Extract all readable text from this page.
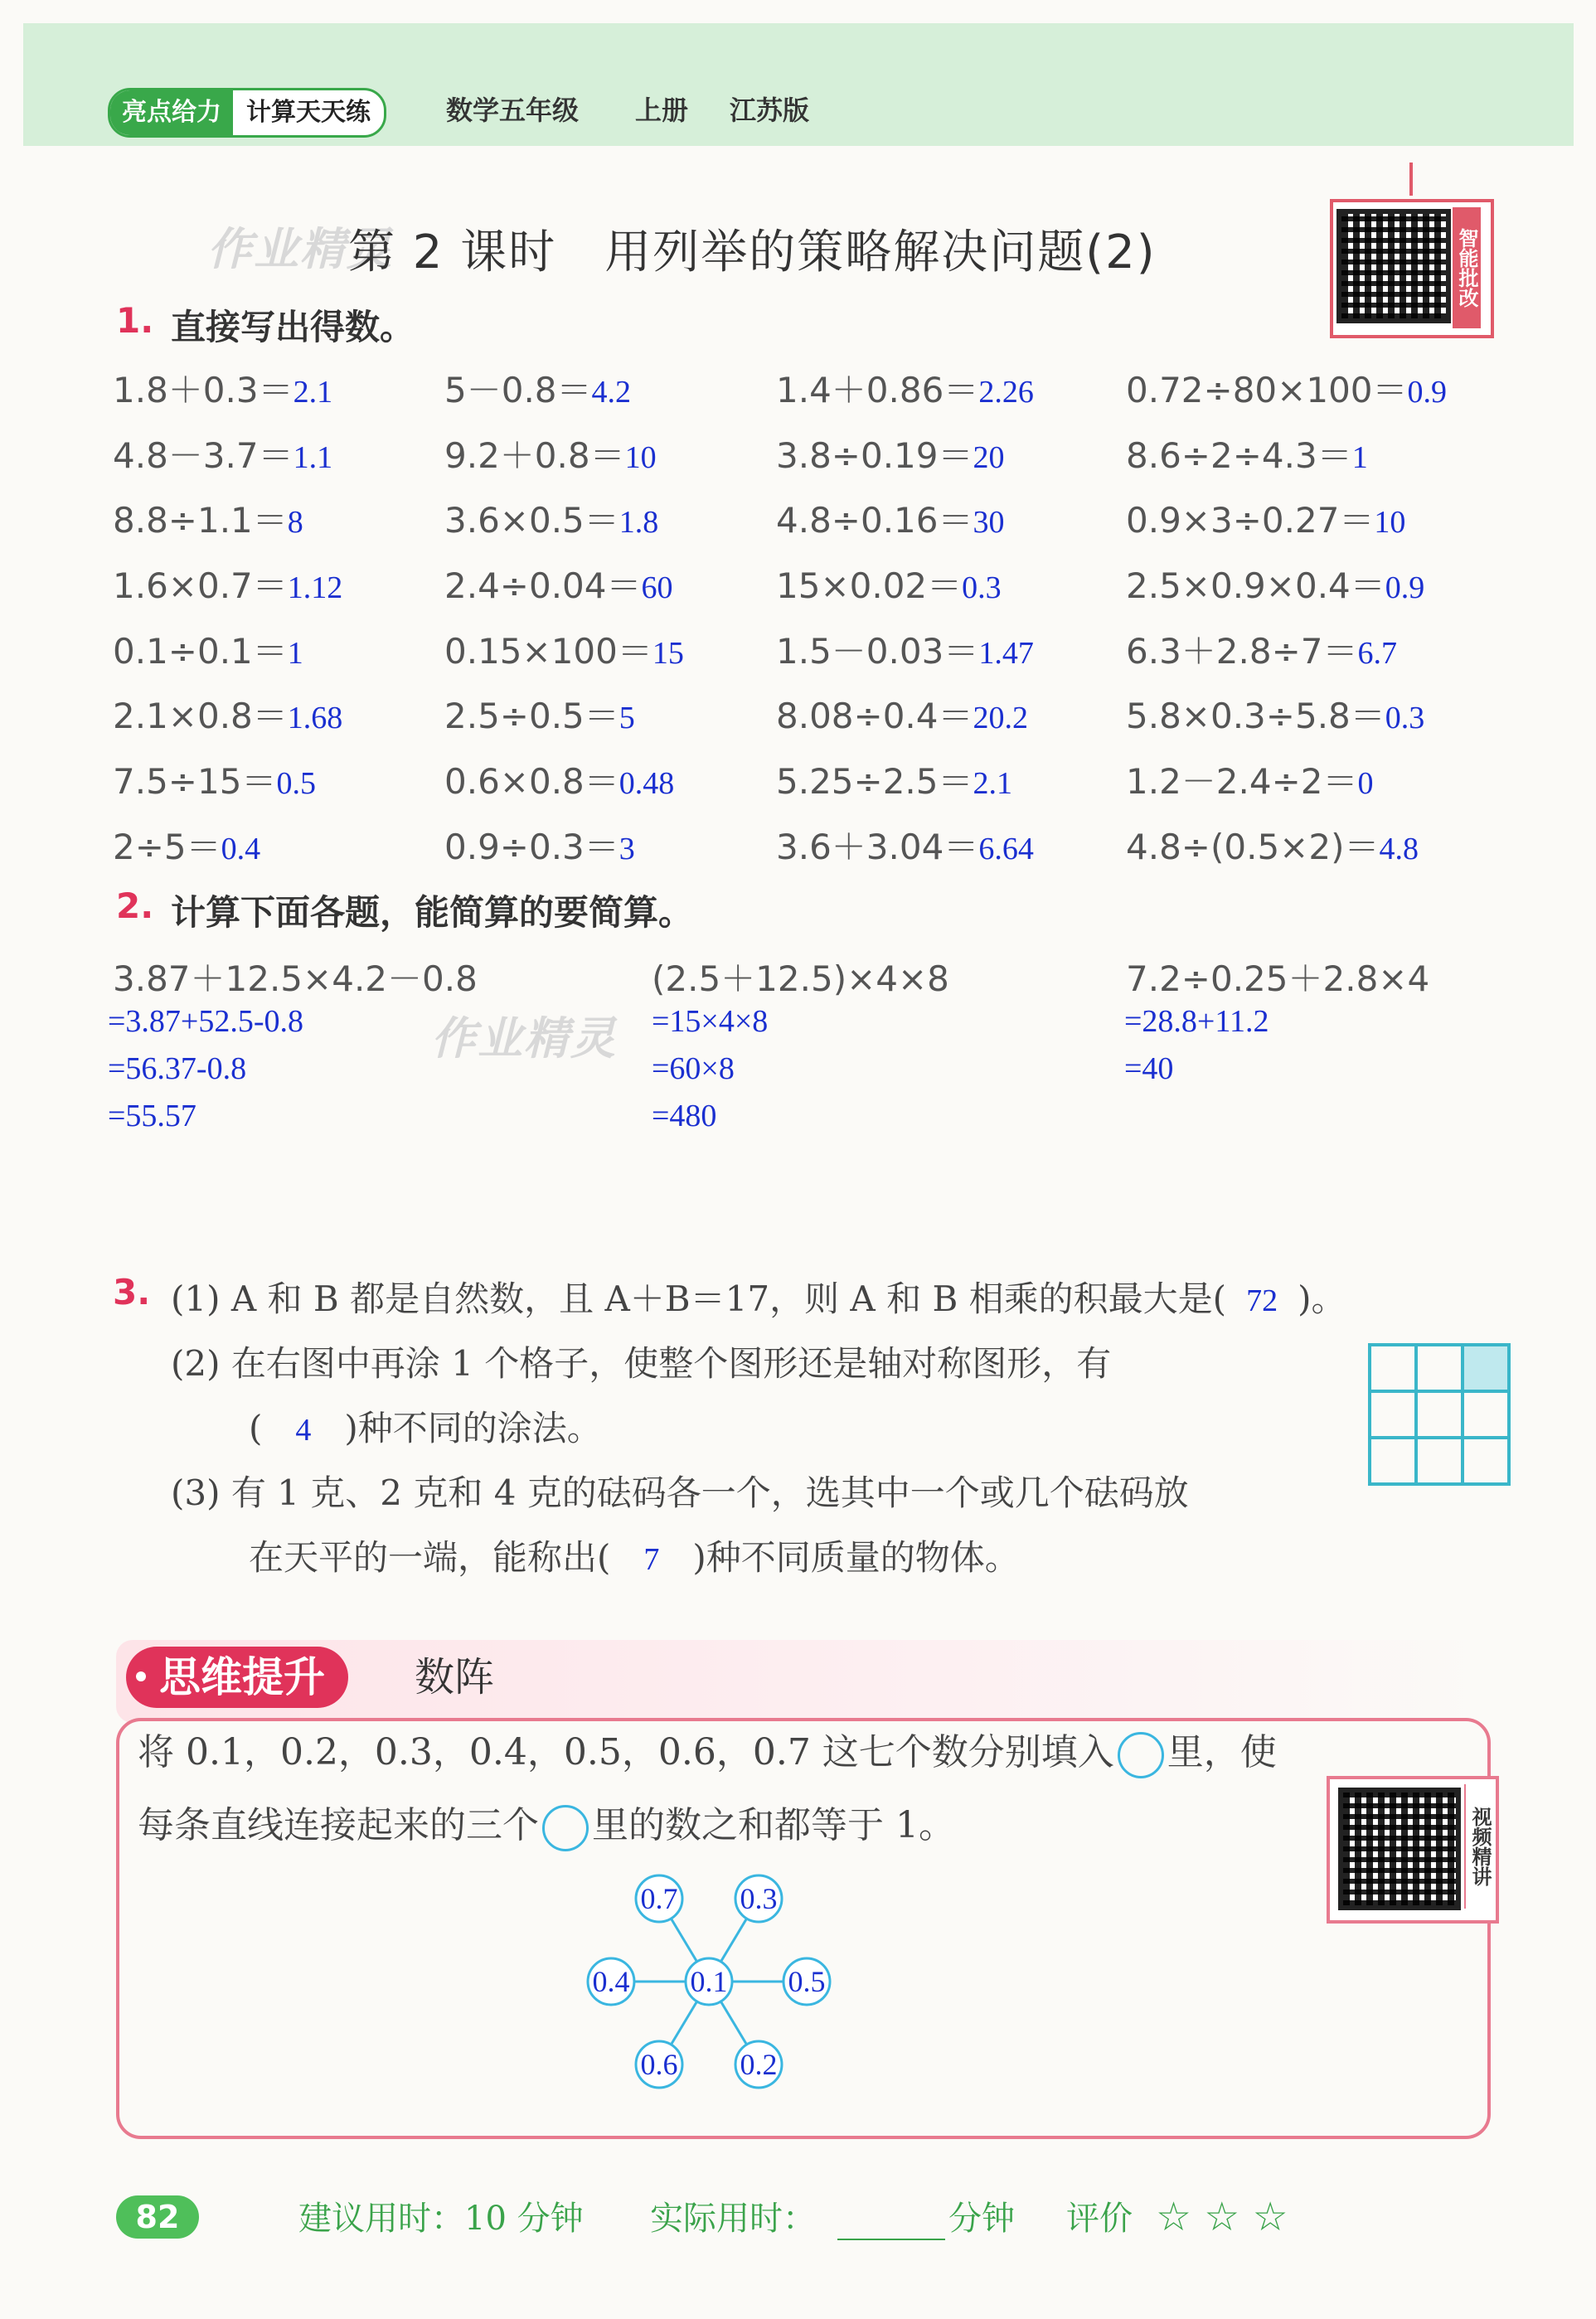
亮点给力	计算天天练	数学五年级 上册 江苏版
作业精灵
第 2 课时　用列举的策略解决问题(2)	智能批改
1. 直接写出得数。
1.8＋0.3＝2.1	5－0.8＝4.2	1.4＋0.86＝2.26	0.72÷80×100＝0.9
4.8－3.7＝1.1	9.2＋0.8＝10	3.8÷0.19＝20	8.6÷2÷4.3＝1
8.8÷1.1＝8	3.6×0.5＝1.8	4.8÷0.16＝30	0.9×3÷0.27＝10
1.6×0.7＝1.12	2.4÷0.04＝60	15×0.02＝0.3	2.5×0.9×0.4＝0.9
0.1÷0.1＝1	0.15×100＝15	1.5－0.03＝1.47	6.3＋2.8÷7＝6.7
2.1×0.8＝1.68	2.5÷0.5＝5	8.08÷0.4＝20.2	5.8×0.3÷5.8＝0.3
7.5÷15＝0.5	0.6×0.8＝0.48	5.25÷2.5＝2.1	1.2－2.4÷2＝0
2÷5＝0.4	0.9÷0.3＝3	3.6＋3.04＝6.64	4.8÷(0.5×2)＝4.8
2. 计算下面各题，能简算的要简算。
3.87＋12.5×4.2－0.8
=3.87+52.5-0.8
=56.37-0.8
=55.57
作业精灵
(2.5＋12.5)×4×8
=15×4×8
=60×8
=480
7.2÷0.25＋2.8×4
=28.8+11.2
=40
3. (1) A 和 B 都是自然数，且 A＋B＝17，则 A 和 B 相乘的积最大是( 72 )。
(2) 在右图中再涂 1 个格子，使整个图形还是轴对称图形，有
( 4 )种不同的涂法。
(3) 有 1 克、2 克和 4 克的砝码各一个，选其中一个或几个砝码放
在天平的一端，能称出( 7 )种不同质量的物体。
思维提升	数阵
将 0.1，0.2，0.3，0.4，0.5，0.6，0.7 这七个数分别填入 里，使
每条直线连接起来的三个 里的数之和都等于 1。	视频精讲
0.7 0.3
0.4 0.1 0.5
0.6 0.2
82	建议用时：10 分钟 实际用时：	分钟 评价 ☆ ☆ ☆
